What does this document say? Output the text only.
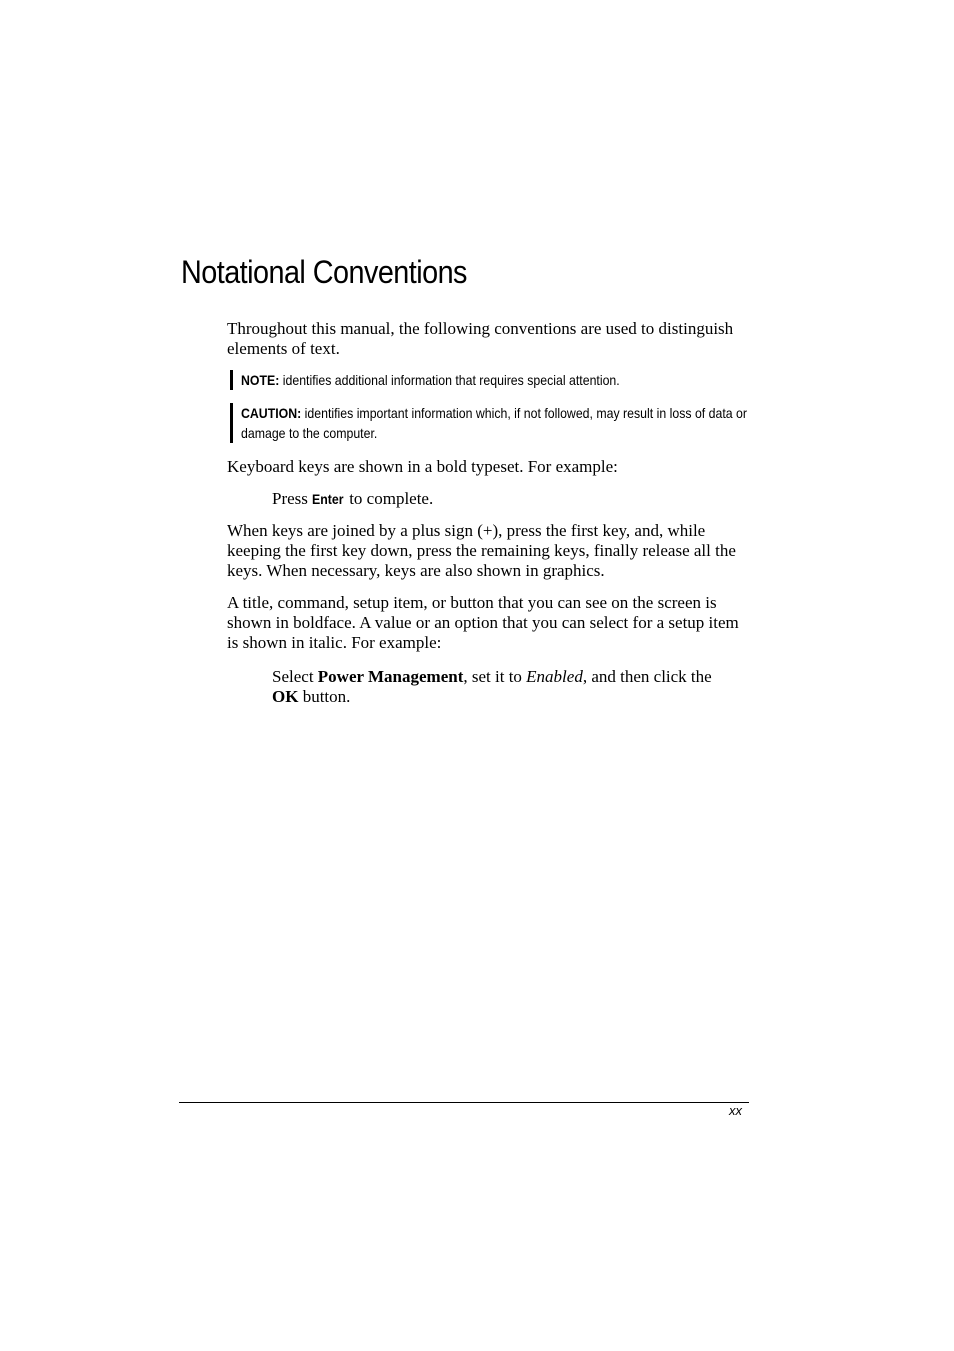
Notational Conventions

Throughout this manual, the following conventions are used to distinguish elements of text.

NOTE: identifies additional information that requires special attention.
CAUTION: identifies important information which, if not followed, may result in loss of data or damage to the computer.

Keyboard keys are shown in a bold typeset. For example:

Press Enter to complete.

When keys are joined by a plus sign (+), press the first key, and, while keeping the first key down, press the remaining keys, finally release all the keys. When necessary, keys are also shown in graphics.

A title, command, setup item, or button that you can see on the screen is shown in boldface. A value or an option that you can select for a setup item is shown in italic. For example:

Select Power Management, set it to Enabled, and then click the OK button.

xx
